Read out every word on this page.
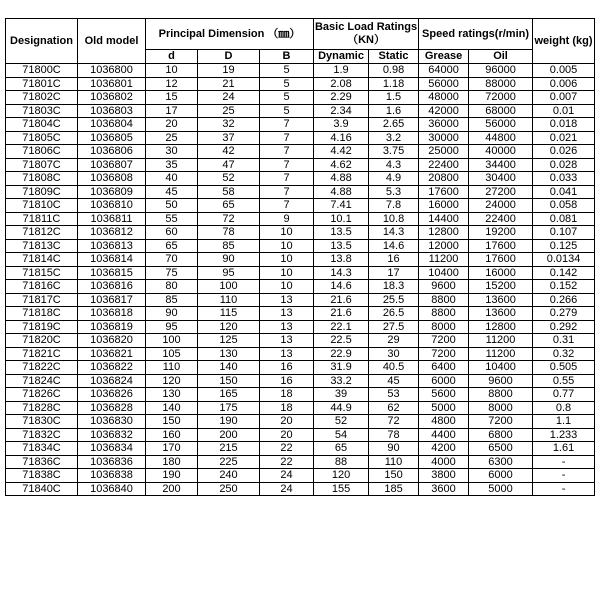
Designation	Old model	Principal Dimension （㎜）			Basic Load Ratings （KN）		Speed ratings(r/min)		weight (kg)
		d	D	B	Dynamic	Static	Grease	Oil	
71800C	1036800	10	19	5	1.9	0.98	64000	96000	0.005
71801C	1036801	12	21	5	2.08	1.18	56000	88000	0.006
71802C	1036802	15	24	5	2.29	1.5	48000	72000	0.007
71803C	1036803	17	25	5	2.34	1.6	42000	68000	0.01
71804C	1036804	20	32	7	3.9	2.65	36000	56000	0.018
71805C	1036805	25	37	7	4.16	3.2	30000	44800	0.021
71806C	1036806	30	42	7	4.42	3.75	25000	40000	0.026
71807C	1036807	35	47	7	4.62	4.3	22400	34400	0.028
71808C	1036808	40	52	7	4.88	4.9	20800	30400	0.033
71809C	1036809	45	58	7	4.88	5.3	17600	27200	0.041
71810C	1036810	50	65	7	7.41	7.8	16000	24000	0.058
71811C	1036811	55	72	9	10.1	10.8	14400	22400	0.081
71812C	1036812	60	78	10	13.5	14.3	12800	19200	0.107
71813C	1036813	65	85	10	13.5	14.6	12000	17600	0.125
71814C	1036814	70	90	10	13.8	16	11200	17600	0.0134
71815C	1036815	75	95	10	14.3	17	10400	16000	0.142
71816C	1036816	80	100	10	14.6	18.3	9600	15200	0.152
71817C	1036817	85	110	13	21.6	25.5	8800	13600	0.266
71818C	1036818	90	115	13	21.6	26.5	8800	13600	0.279
71819C	1036819	95	120	13	22.1	27.5	8000	12800	0.292
71820C	1036820	100	125	13	22.5	29	7200	11200	0.31
71821C	1036821	105	130	13	22.9	30	7200	11200	0.32
71822C	1036822	110	140	16	31.9	40.5	6400	10400	0.505
71824C	1036824	120	150	16	33.2	45	6000	9600	0.55
71826C	1036826	130	165	18	39	53	5600	8800	0.77
71828C	1036828	140	175	18	44.9	62	5000	8000	0.8
71830C	1036830	150	190	20	52	72	4800	7200	1.1
71832C	1036832	160	200	20	54	78	4400	6800	1.233
71834C	1036834	170	215	22	65	90	4200	6500	1.61
71836C	1036836	180	225	22	88	110	4000	6300	-
71838C	1036838	190	240	24	120	150	3800	6000	-
71840C	1036840	200	250	24	155	185	3600	5000	-
